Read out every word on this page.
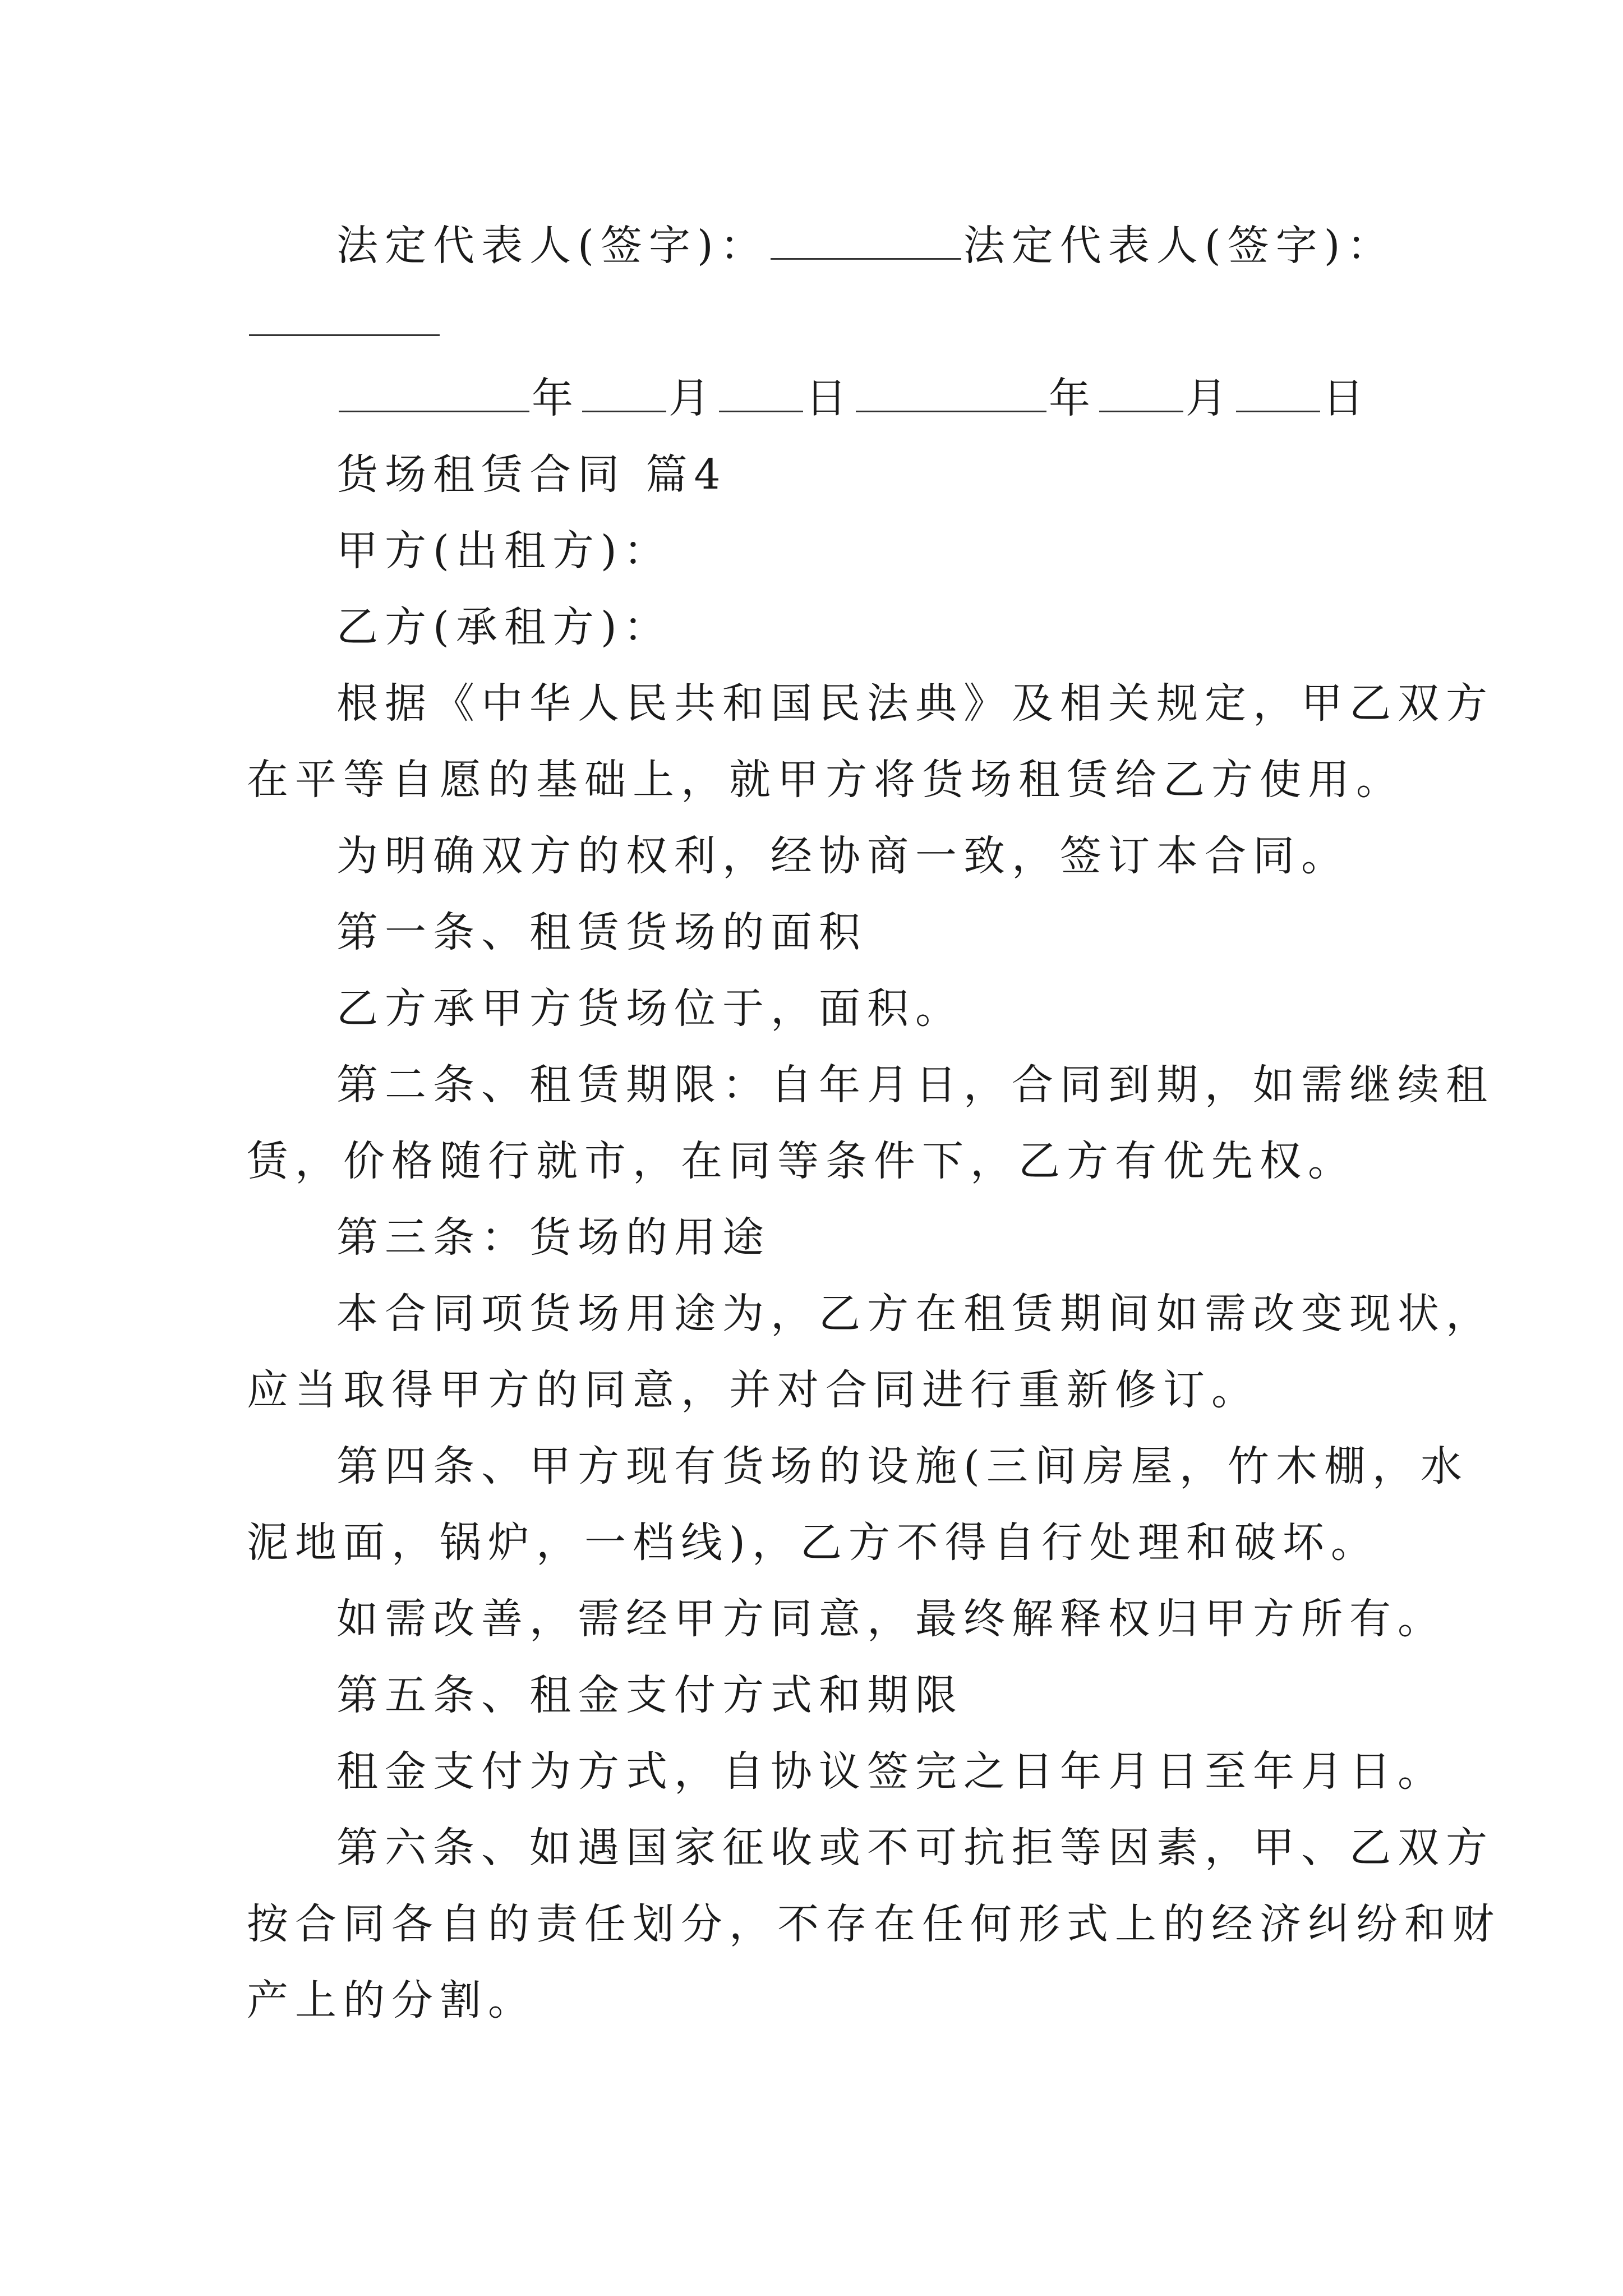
法定代表人(签字)：	法定代表人(签字)：
年 月 日	年 月 日
货场租赁合同 篇4
甲方(出租方)：
乙方(承租方)：
根据《中华人民共和国民法典》及相关规定，甲乙双方
在平等自愿的基础上，就甲方将货场租赁给乙方使用。
为明确双方的权利，经协商一致，签订本合同。
第一条、租赁货场的面积
乙方承甲方货场位于，面积。
第二条、租赁期限：自年月日，合同到期，如需继续租
赁，价格随行就市，在同等条件下，乙方有优先权。
第三条：货场的用途
本合同项货场用途为，乙方在租赁期间如需改变现状，
应当取得甲方的同意，并对合同进行重新修订。
第四条、甲方现有货场的设施(三间房屋，竹木棚，水
泥地面，锅炉，一档线)，乙方不得自行处理和破坏。
如需改善，需经甲方同意，最终解释权归甲方所有。
第五条、租金支付方式和期限
租金支付为方式，自协议签完之日年月日至年月日。
第六条、如遇国家征收或不可抗拒等因素，甲、乙双方
按合同各自的责任划分，不存在任何形式上的经济纠纷和财
产上的分割。
